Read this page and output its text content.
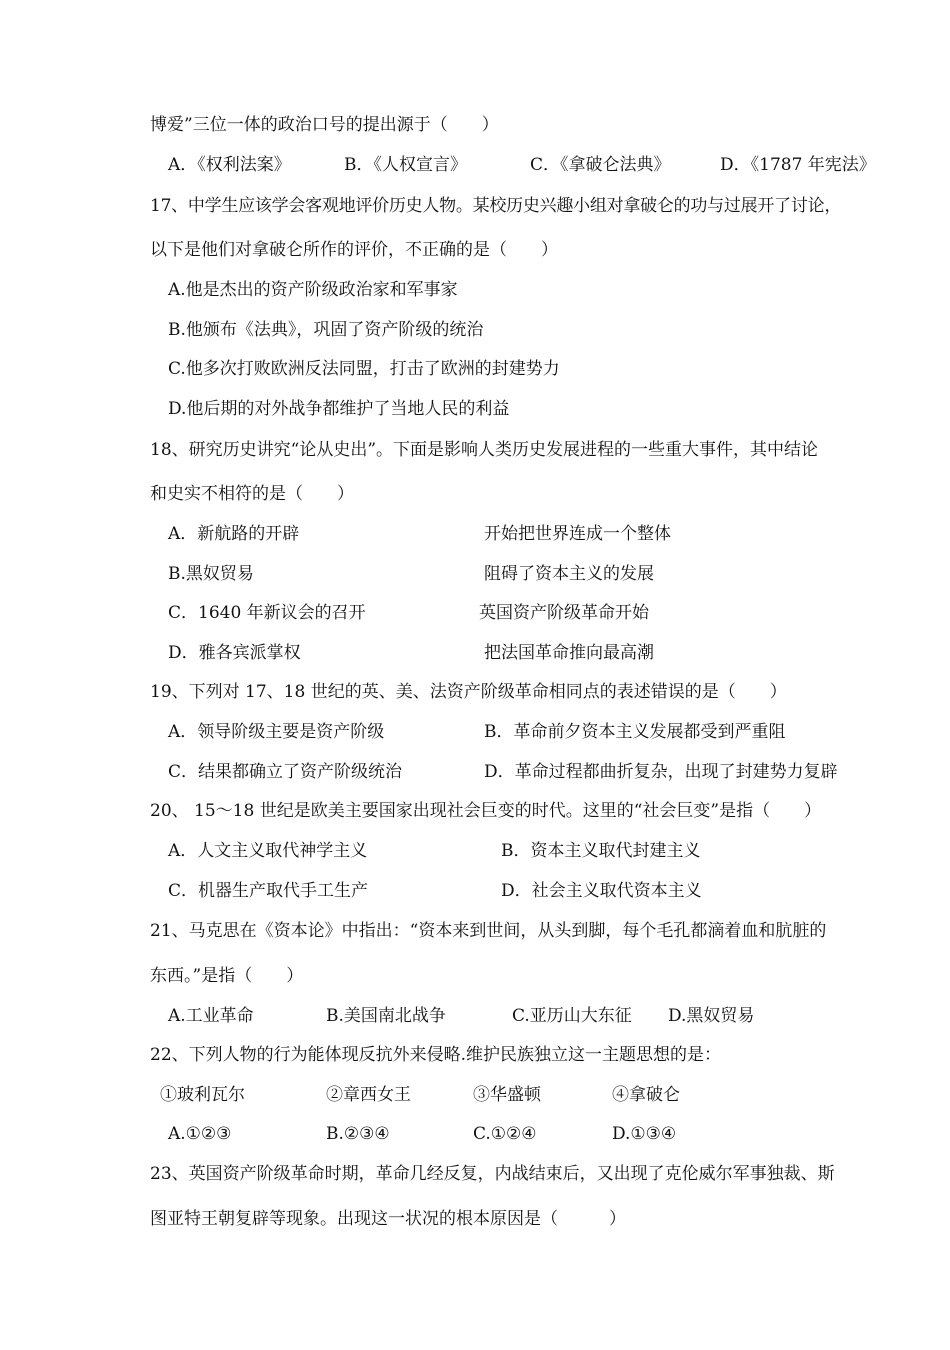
博爱”三位一体的政治口号的提出源于（　　）
A．《权利法案》	B．《人权宣言》	C．《拿破仑法典》	D．《1787 年宪法》
17、中学生应该学会客观地评价历史人物。某校历史兴趣小组对拿破仑的功与过展开了讨论，
以下是他们对拿破仑所作的评价，不正确的是（　　）
A.他是杰出的资产阶级政治家和军事家
B.他颁布《法典》，巩固了资产阶级的统治
C.他多次打败欧洲反法同盟，打击了欧洲的封建势力
D.他后期的对外战争都维护了当地人民的利益
18、研究历史讲究“论从史出”。下面是影响人类历史发展进程的一些重大事件，其中结论
和史实不相符的是（　　）
A．新航路的开辟	开始把世界连成一个整体
B.黑奴贸易	阻碍了资本主义的发展
C．1640 年新议会的召开	英国资产阶级革命开始
D．雅各宾派掌权	把法国革命推向最高潮
19、下列对 17、18 世纪的英、美、法资产阶级革命相同点的表述错误的是（　　）
A．领导阶级主要是资产阶级	B．革命前夕资本主义发展都受到严重阻
C．结果都确立了资产阶级统治	D．革命过程都曲折复杂，出现了封建势力复辟
20、 15～18 世纪是欧美主要国家出现社会巨变的时代。这里的“社会巨变”是指（　　）
A．人文主义取代神学主义	B．资本主义取代封建主义
C．机器生产取代手工生产	D．社会主义取代资本主义
21、马克思在《资本论》中指出：“资本来到世间，从头到脚，每个毛孔都滴着血和肮脏的
东西。”是指（　　）
A.工业革命	B.美国南北战争	C.亚历山大东征 D.黑奴贸易
22、下列人物的行为能体现反抗外来侵略.维护民族独立这一主题思想的是：
①玻利瓦尔	②章西女王	③华盛顿	④拿破仑
A.①②③	B.②③④	C.①②④	D.①③④
23、英国资产阶级革命时期，革命几经反复，内战结束后，又出现了克伦威尔军事独裁、斯
图亚特王朝复辟等现象。出现这一状况的根本原因是（　　　）
